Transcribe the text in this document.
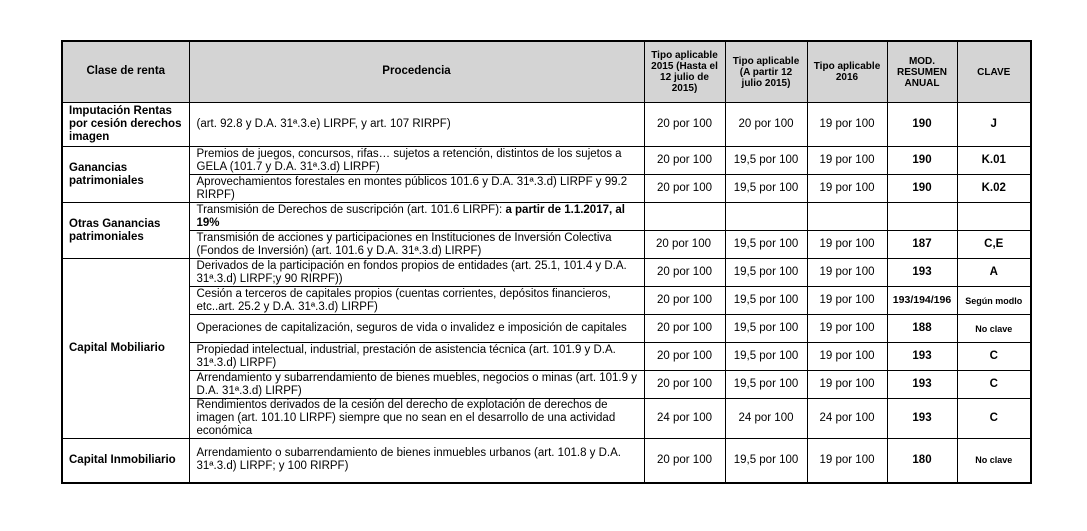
Clase de renta	Procedencia	Tipo aplicable 2015 (Hasta el 12 julio de 2015)	Tipo aplicable (A partir 12 julio 2015)	Tipo aplicable 2016	MOD. RESUMEN ANUAL	CLAVE
Imputación Rentas por cesión derechos imagen	(art. 92.8 y D.A. 31ª.3.e) LIRPF, y art. 107 RIRPF)	20 por 100	20 por 100	19 por 100	190	J
Ganancias patrimoniales	Premios de juegos, concursos, rifas… sujetos a retención, distintos de los sujetos a GELA (101.7 y D.A. 31ª.3.d) LIRPF)	20 por 100	19,5 por 100	19 por 100	190	K.01
	Aprovechamientos forestales en montes públicos 101.6 y D.A. 31ª.3.d) LIRPF y 99.2 RIRPF)	20 por 100	19,5 por 100	19 por 100	190	K.02
Otras Ganancias patrimoniales	Transmisión de Derechos de suscripción (art. 101.6 LIRPF): a partir de 1.1.2017, al 19%					
	Transmisión de acciones y participaciones en Instituciones de Inversión Colectiva (Fondos de Inversión) (art. 101.6 y D.A. 31ª.3.d) LIRPF)	20 por 100	19,5 por 100	19 por 100	187	C,E
Capital Mobiliario	Derivados de la participación en fondos propios de entidades (art. 25.1, 101.4 y D.A. 31ª.3.d) LIRPF;y 90 RIRPF))	20 por 100	19,5 por 100	19 por 100	193	A
	Cesión a terceros de capitales propios (cuentas corrientes, depósitos financieros, etc..art. 25.2 y D.A. 31ª.3.d) LIRPF)	20 por 100	19,5 por 100	19 por 100	193/194/196	Según modlo
	Operaciones de capitalización, seguros de vida o invalidez e imposición de capitales	20 por 100	19,5 por 100	19 por 100	188	No clave
	Propiedad intelectual, industrial, prestación de asistencia técnica (art. 101.9 y D.A. 31ª.3.d) LIRPF)	20 por 100	19,5 por 100	19 por 100	193	C
	Arrendamiento y subarrendamiento de bienes muebles, negocios o minas (art. 101.9 y D.A. 31ª.3.d) LIRPF)	20 por 100	19,5 por 100	19 por 100	193	C
	Rendimientos derivados de la cesión del derecho de explotación de derechos de imagen (art. 101.10 LIRPF) siempre que no sean en el desarrollo de una actividad económica	24 por 100	24 por 100	24 por 100	193	C
Capital Inmobiliario	Arrendamiento o subarrendamiento de bienes inmuebles urbanos (art. 101.8 y D.A. 31ª.3.d) LIRPF; y 100 RIRPF)	20 por 100	19,5 por 100	19 por 100	180	No clave
